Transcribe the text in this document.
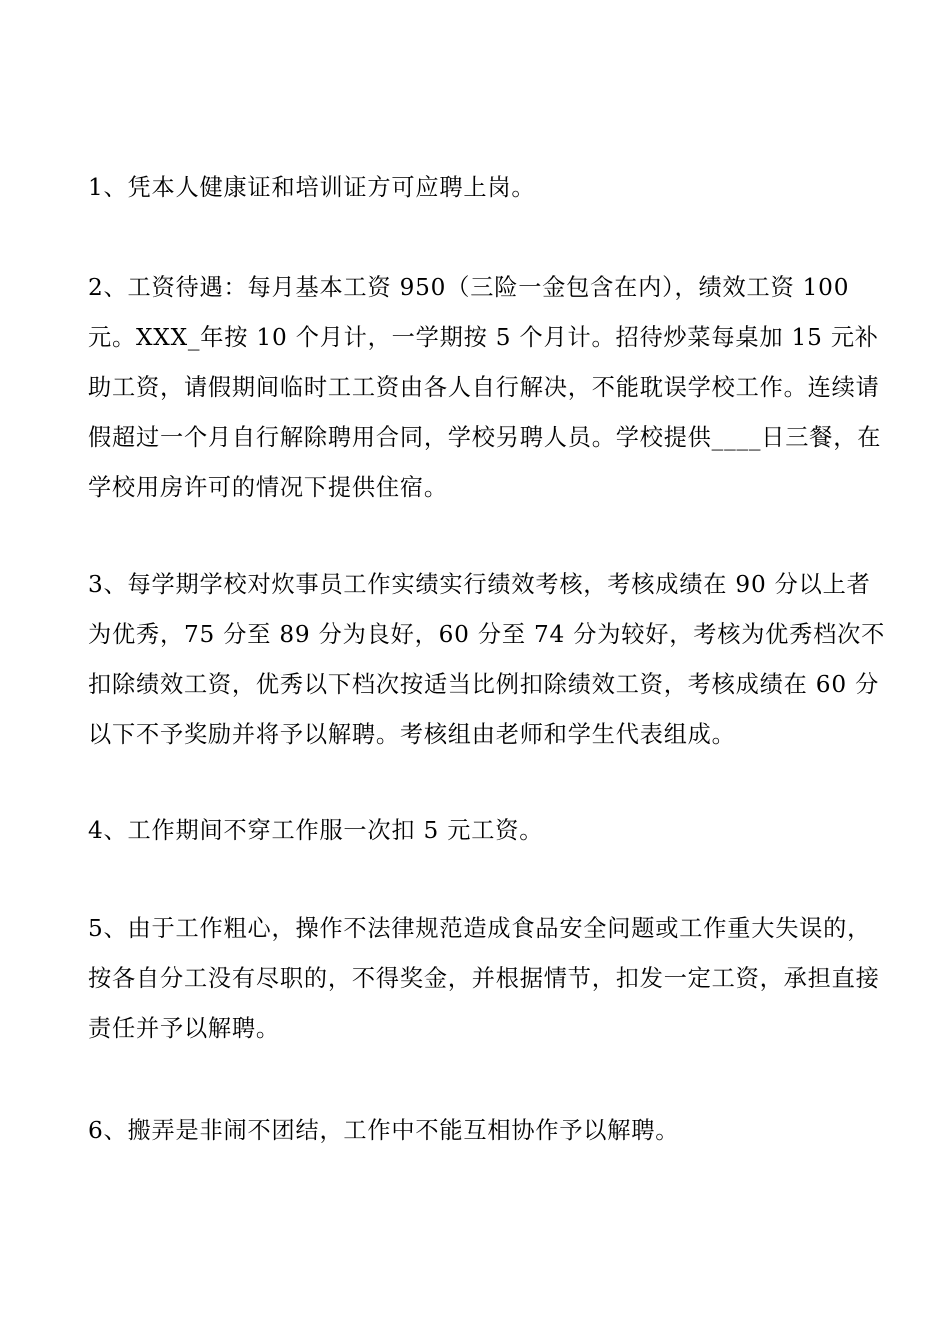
1、凭本人健康证和培训证方可应聘上岗。

2、工资待遇：每月基本工资 950（三险一金包含在内），绩效工资 100 元。XXX_年按 10 个月计，一学期按 5 个月计。招待炒菜每桌加 15 元补助工资，请假期间临时工工资由各人自行解决，不能耽误学校工作。连续请假超过一个月自行解除聘用合同，学校另聘人员。学校提供____日三餐，在学校用房许可的情况下提供住宿。

3、每学期学校对炊事员工作实绩实行绩效考核，考核成绩在 90 分以上者为优秀，75 分至 89 分为良好，60 分至 74 分为较好，考核为优秀档次不扣除绩效工资，优秀以下档次按适当比例扣除绩效工资，考核成绩在 60 分以下不予奖励并将予以解聘。考核组由老师和学生代表组成。

4、工作期间不穿工作服一次扣 5 元工资。

5、由于工作粗心，操作不法律规范造成食品安全问题或工作重大失误的，按各自分工没有尽职的，不得奖金，并根据情节，扣发一定工资，承担直接责任并予以解聘。

6、搬弄是非闹不团结，工作中不能互相协作予以解聘。
